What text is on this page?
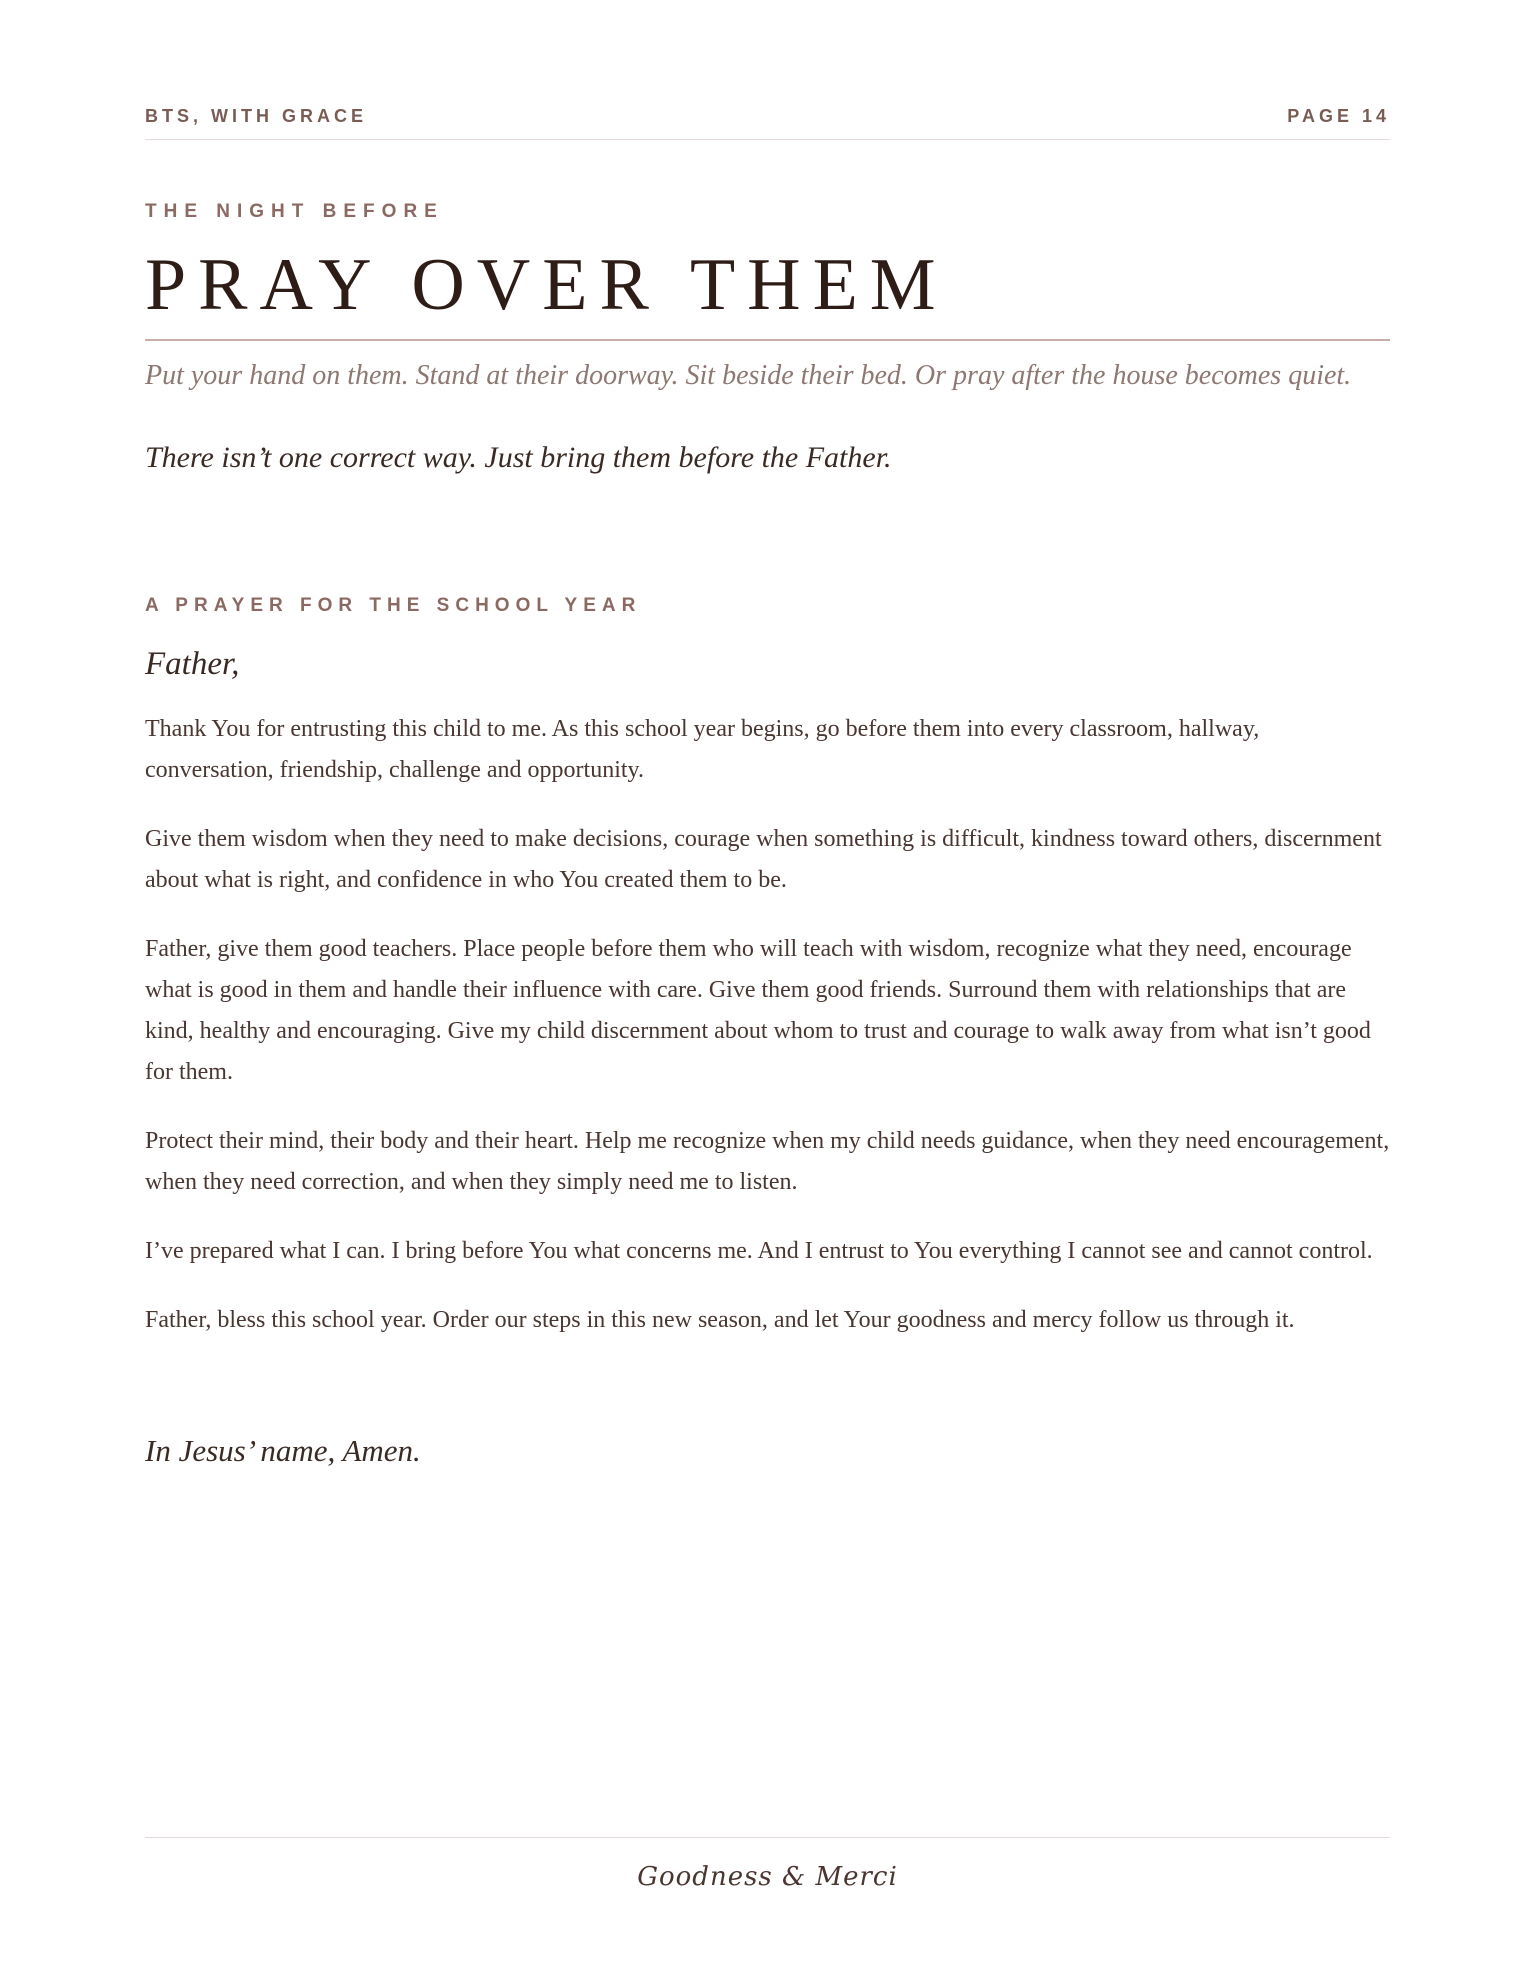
BTS, WITH GRACE	PAGE 14
THE NIGHT BEFORE
PRAY OVER THEM
Put your hand on them. Stand at their doorway. Sit beside their bed. Or pray after the house becomes quiet.
There isn’t one correct way. Just bring them before the Father.
A PRAYER FOR THE SCHOOL YEAR
Father,

Thank You for entrusting this child to me. As this school year begins, go before them into every classroom, hallway, conversation, friendship, challenge and opportunity.

Give them wisdom when they need to make decisions, courage when something is difficult, kindness toward others, discernment about what is right, and confidence in who You created them to be.

Father, give them good teachers. Place people before them who will teach with wisdom, recognize what they need, encourage what is good in them and handle their influence with care. Give them good friends. Surround them with relationships that are kind, healthy and encouraging. Give my child discernment about whom to trust and courage to walk away from what isn’t good for them.

Protect their mind, their body and their heart. Help me recognize when my child needs guidance, when they need encouragement, when they need correction, and when they simply need me to listen.

I’ve prepared what I can. I bring before You what concerns me. And I entrust to You everything I cannot see and cannot control.

Father, bless this school year. Order our steps in this new season, and let Your goodness and mercy follow us through it.

In Jesus’ name, Amen.
Goodness & Merci
